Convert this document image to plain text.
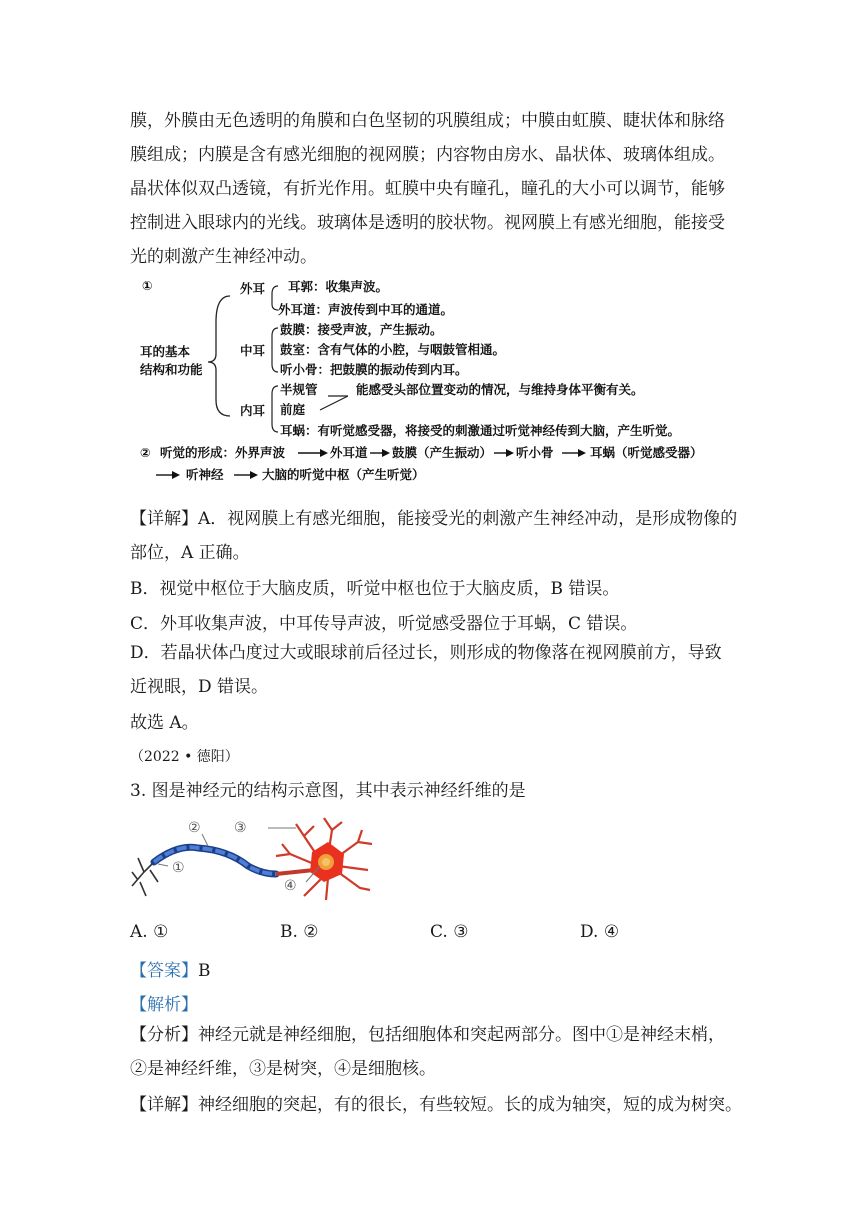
膜，外膜由无色透明的角膜和白色坚韧的巩膜组成；中膜由虹膜、睫状体和脉络膜组成；内膜是含有感光细胞的视网膜；内容物由房水、晶状体、玻璃体组成。晶状体似双凸透镜，有折光作用。虹膜中央有瞳孔，瞳孔的大小可以调节，能够控制进入眼球内的光线。玻璃体是透明的胶状物。视网膜上有感光细胞，能接受光的刺激产生神经冲动。

①
耳的基本
结构和功能
外耳 耳郭：收集声波。
外耳道：声波传到中耳的通道。
中耳
鼓膜：接受声波，产生振动。
鼓室：含有气体的小腔，与咽鼓管相通。
听小骨：把鼓膜的振动传到内耳。
内耳
半规管
前庭
能感受头部位置变动的情况，与维持身体平衡有关。
耳蜗：有听觉感受器，将接受的刺激通过听觉神经传到大脑，产生听觉。
② 听觉的形成：外界声波	外耳道 鼓膜（产生振动） 听小骨	耳蜗（听觉感受器）
听神经	大脑的听觉中枢（产生听觉）
【详解】A．视网膜上有感光细胞，能接受光的刺激产生神经冲动，是形成物像的
部位，A 正确。
B．视觉中枢位于大脑皮质，听觉中枢也位于大脑皮质，B 错误。
C．外耳收集声波，中耳传导声波，听觉感受器位于耳蜗，C 错误。

D．若晶状体凸度过大或眼球前后径过长，则形成的物像落在视网膜前方，导致近视眼，D 错误。

故选 A。
（2022 • 德阳）
3. 图是神经元的结构示意图，其中表示神经纤维的是
①
② ③
④
A. ①	B. ②	C. ③	D. ④
【答案】B
【解析】

【分析】神经元就是神经细胞，包括细胞体和突起两部分。图中①是神经末梢，②是神经纤维，③是树突，④是细胞核。

【详解】神经细胞的突起，有的很长，有些较短。长的成为轴突，短的成为树突。
